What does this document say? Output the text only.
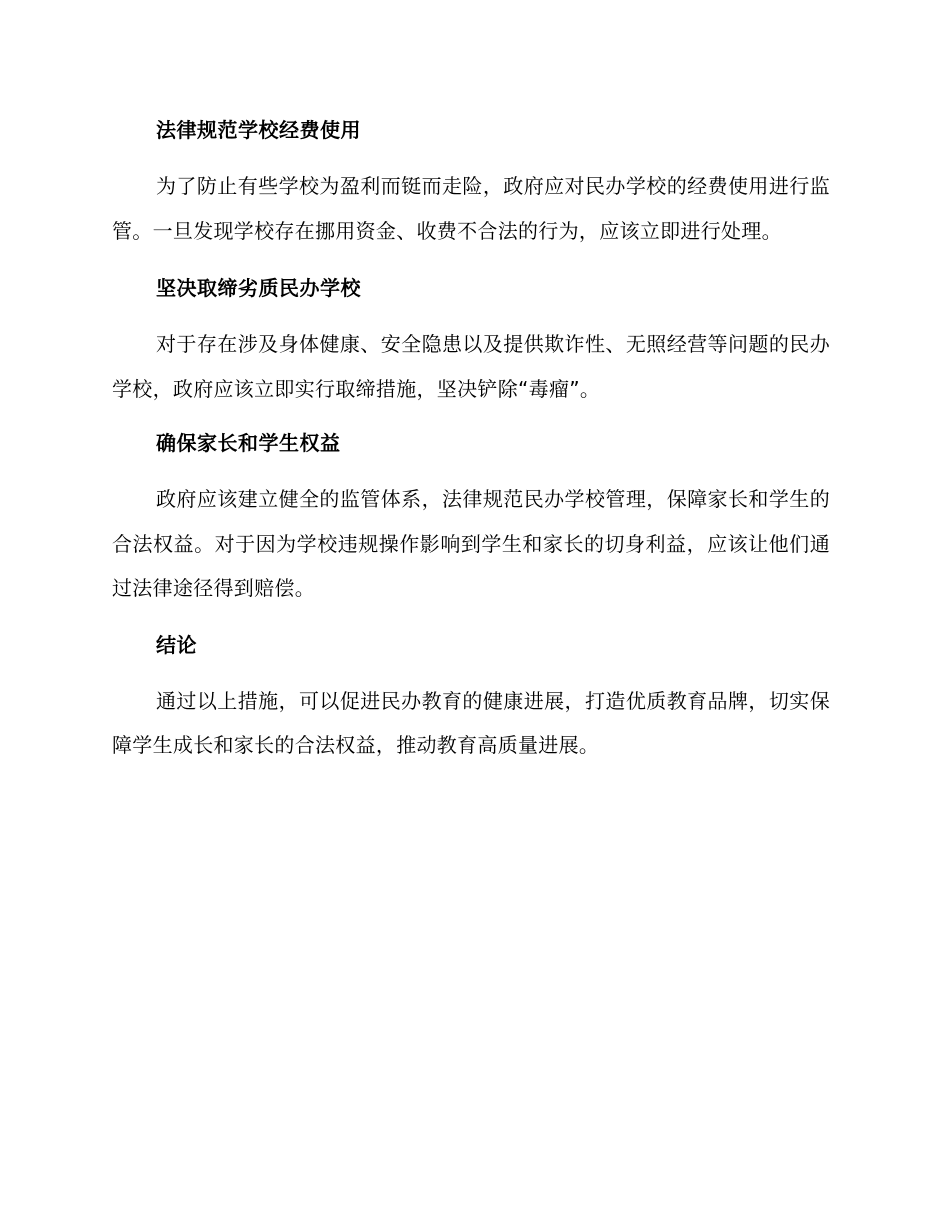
法律规范学校经费使用

为了防止有些学校为盈利而铤而走险，政府应对民办学校的经费使用进行监管。一旦发现学校存在挪用资金、收费不合法的行为，应该立即进行处理。

坚决取缔劣质民办学校

对于存在涉及身体健康、安全隐患以及提供欺诈性、无照经营等问题的民办学校，政府应该立即实行取缔措施，坚决铲除“毒瘤”。

确保家长和学生权益

政府应该建立健全的监管体系，法律规范民办学校管理，保障家长和学生的合法权益。对于因为学校违规操作影响到学生和家长的切身利益，应该让他们通过法律途径得到赔偿。

结论

通过以上措施，可以促进民办教育的健康进展，打造优质教育品牌，切实保障学生成长和家长的合法权益，推动教育高质量进展。
